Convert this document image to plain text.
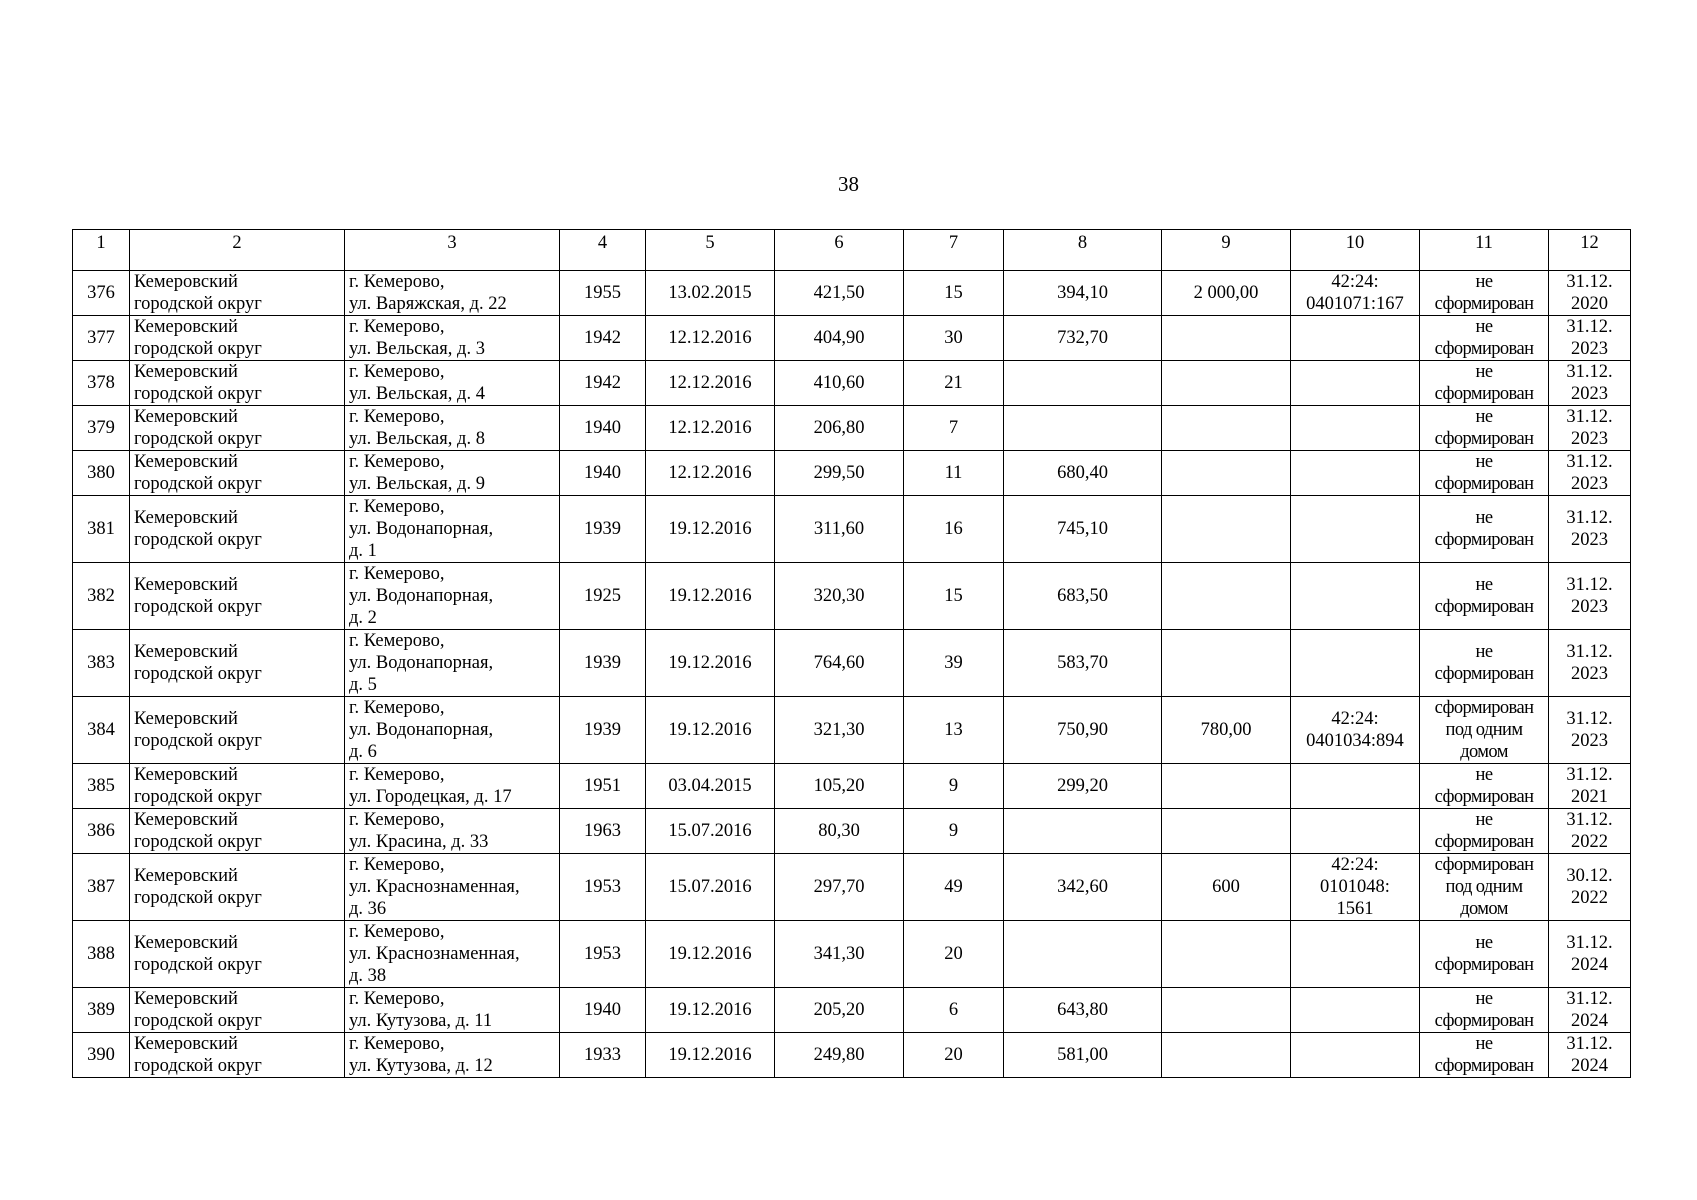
38
1	2	3	4	5	6	7	8	9	10	11	12
376	Кемеровский
городской округ	г. Кемерово,
ул. Варяжская, д. 22	1955	13.02.2015	421,50	15	394,10	2 000,00	42:24:
0401071:167	не
сформирован	31.12.
2020

377	Кемеровский
городской округ	г. Кемерово,
ул. Вельская, д. 3	1942	12.12.2016	404,90	30	732,70			не
сформирован	31.12.
2023

378	Кемеровский
городской округ	г. Кемерово,
ул. Вельская, д. 4	1942	12.12.2016	410,60	21				не
сформирован	31.12.
2023

379	Кемеровский
городской округ	г. Кемерово,
ул. Вельская, д. 8	1940	12.12.2016	206,80	7				не
сформирован	31.12.
2023

380	Кемеровский
городской округ	г. Кемерово,
ул. Вельская, д. 9	1940	12.12.2016	299,50	11	680,40			не
сформирован	31.12.
2023

381	Кемеровский
городской округ	г. Кемерово,
ул. Водонапорная,
д. 1	1939	19.12.2016	311,60	16	745,10			не
сформирован	31.12.
2023

382	Кемеровский
городской округ	г. Кемерово,
ул. Водонапорная,
д. 2	1925	19.12.2016	320,30	15	683,50			не
сформирован	31.12.
2023

383	Кемеровский
городской округ	г. Кемерово,
ул. Водонапорная,
д. 5	1939	19.12.2016	764,60	39	583,70			не
сформирован	31.12.
2023

384	Кемеровский
городской округ	г. Кемерово,
ул. Водонапорная,
д. 6	1939	19.12.2016	321,30	13	750,90	780,00	42:24:
0401034:894	сформирован
под одним
домом	31.12.
2023

385	Кемеровский
городской округ	г. Кемерово,
ул. Городецкая, д. 17	1951	03.04.2015	105,20	9	299,20			не
сформирован	31.12.
2021

386	Кемеровский
городской округ	г. Кемерово,
ул. Красина, д. 33	1963	15.07.2016	80,30	9				не
сформирован	31.12.
2022

387	Кемеровский
городской округ	г. Кемерово,
ул. Краснознаменная,
д. 36	1953	15.07.2016	297,70	49	342,60	600	42:24:
0101048:
1561	сформирован
под одним
домом	30.12.
2022

388	Кемеровский
городской округ	г. Кемерово,
ул. Краснознаменная,
д. 38	1953	19.12.2016	341,30	20				не
сформирован	31.12.
2024

389	Кемеровский
городской округ	г. Кемерово,
ул. Кутузова, д. 11	1940	19.12.2016	205,20	6	643,80			не
сформирован	31.12.
2024

390	Кемеровский
городской округ	г. Кемерово,
ул. Кутузова, д. 12	1933	19.12.2016	249,80	20	581,00			не
сформирован	31.12.
2024
